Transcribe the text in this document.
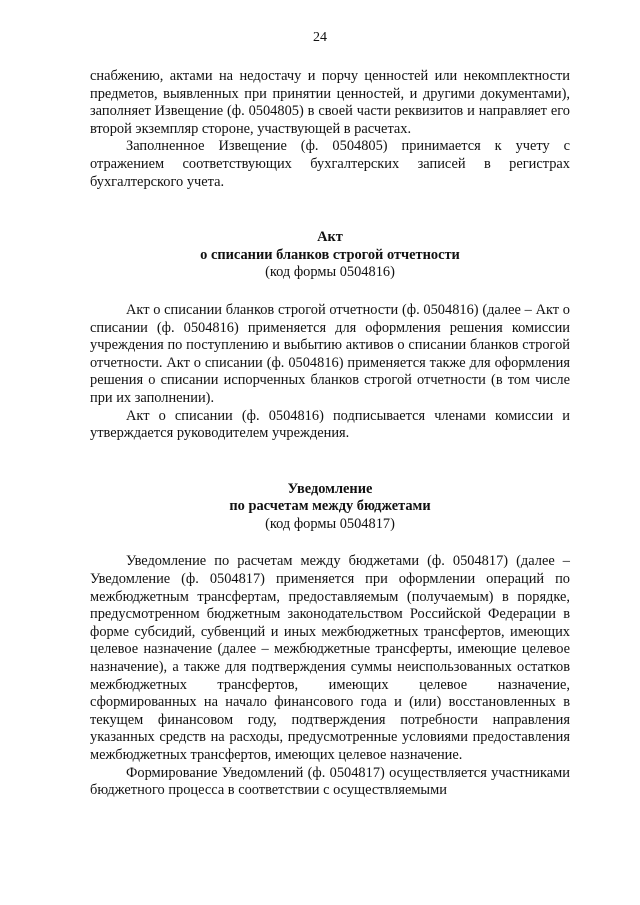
24

снабжению, актами на недостачу и порчу ценностей или некомплектности предметов, выявленных при принятии ценностей, и другими документами), заполняет Извещение (ф. 0504805) в своей части реквизитов и направляет его второй экземпляр стороне, участвующей в расчетах.

Заполненное Извещение (ф. 0504805) принимается к учету с отражением соответствующих бухгалтерских записей в регистрах бухгалтерского учета.

Акт
о списании бланков строгой отчетности
(код формы 0504816)

Акт о списании бланков строгой отчетности (ф. 0504816) (далее – Акт о списании (ф. 0504816) применяется для оформления решения комиссии учреждения по поступлению и выбытию активов о списании бланков строгой отчетности. Акт о списании (ф. 0504816) применяется также для оформления решения о списании испорченных бланков строгой отчетности (в том числе при их заполнении).

Акт о списании (ф. 0504816) подписывается членами комиссии и утверждается руководителем учреждения.

Уведомление
по расчетам между бюджетами
(код формы 0504817)

Уведомление по расчетам между бюджетами (ф. 0504817) (далее – Уведомление (ф. 0504817) применяется при оформлении операций по межбюджетным трансфертам, предоставляемым (получаемым) в порядке, предусмотренном бюджетным законодательством Российской Федерации в форме субсидий, субвенций и иных межбюджетных трансфертов, имеющих целевое назначение (далее – межбюджетные трансферты, имеющие целевое назначение), а также для подтверждения суммы неиспользованных остатков межбюджетных трансфертов, имеющих целевое назначение, сформированных на начало финансового года и (или) восстановленных в текущем финансовом году, подтверждения потребности направления указанных средств на расходы, предусмотренные условиями предоставления межбюджетных трансфертов, имеющих целевое назначение.

Формирование Уведомлений (ф. 0504817) осуществляется участниками бюджетного процесса в соответствии с осуществляемыми
